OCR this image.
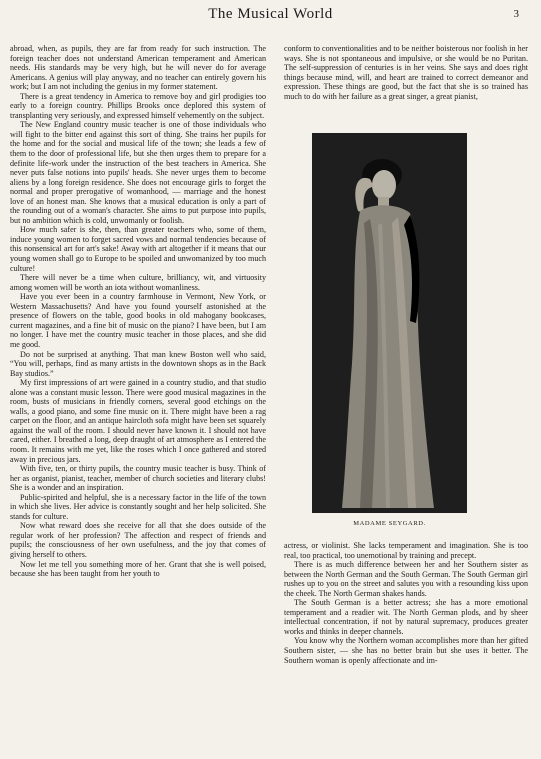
The Musical World	3

abroad, when, as pupils, they are far from ready for such instruction. The foreign teacher does not understand American temperament and American needs. His standards may be very high, but he will never do for average Americans. A genius will play anyway, and no teacher can entirely govern his work; but I am not including the genius in my former statement.

There is a great tendency in America to remove boy and girl prodigies too early to a foreign country. Phillips Brooks once deplored this system of transplanting very seriously, and expressed himself vehemently on the subject.

The New England country music teacher is one of those individuals who will fight to the bitter end against this sort of thing. She trains her pupils for the home and for the social and musical life of the town; she leads a few of them to the door of professional life, but she then urges them to prepare for a definite life-work under the instruction of the best teachers in America. She never puts false notions into pupils' heads. She never urges them to become aliens by a long foreign residence. She does not encourage girls to forget the normal and proper prerogative of womanhood, — marriage and the honest love of an honest man. She knows that a musical education is only a part of the rounding out of a woman's character. She aims to put purpose into pupils, but no ambition which is cold, unwomanly or foolish.

How much safer is she, then, than greater teachers who, some of them, induce young women to forget sacred vows and normal tendencies because of this nonsensical art for art's sake! Away with art altogether if it means that our young women shall go to Europe to be spoiled and unwomanized by too much culture!

There will never be a time when culture, brilliancy, wit, and virtuosity among women will be worth an iota without womanliness.

Have you ever been in a country farmhouse in Vermont, New York, or Western Massachusetts? And have you found yourself astonished at the presence of flowers on the table, good books in old mahogany bookcases, current magazines, and a fine bit of music on the piano? I have been, but I am no longer. I have met the country music teacher in those places, and she did me good.

Do not be surprised at anything. That man knew Boston well who said, “You will, perhaps, find as many artists in the downtown shops as in the Back Bay studios.”

My first impressions of art were gained in a country studio, and that studio alone was a constant music lesson. There were good musical magazines in the room, busts of musicians in friendly corners, several good etchings on the walls, a good piano, and some fine music on it. There might have been a rag carpet on the floor, and an antique haircloth sofa might have been set squarely against the wall of the room. I should never have known it. I should not have cared, either. I breathed a long, deep draught of art atmosphere as I entered the room. It remains with me yet, like the roses which I once gathered and stored away in precious jars.

With five, ten, or thirty pupils, the country music teacher is busy. Think of her as organist, pianist, teacher, member of church societies and literary clubs! She is a wonder and an inspiration.

Public-spirited and helpful, she is a necessary factor in the life of the town in which she lives. Her advice is constantly sought and her help solicited. She stands for culture.

Now what reward does she receive for all that she does outside of the regular work of her profession? The affection and respect of friends and pupils; the consciousness of her own usefulness, and the joy that comes of giving herself to others.

Now let me tell you something more of her. Grant that she is well poised, because she has been taught from her youth to

conform to conventionalities and to be neither boisterous nor foolish in her ways. She is not spontaneous and impulsive, or she would be no Puritan. The self-suppression of centuries is in her veins. She says and does right things because mind, will, and heart are trained to correct demeanor and expression. These things are good, but the fact that she is so trained has much to do with her failure as a great singer, a great pianist,

MADAME SEYGARD.

actress, or violinist. She lacks temperament and imagination. She is too real, too practical, too unemotional by training and precept.

There is as much difference between her and her Southern sister as between the North German and the South German. The South German girl rushes up to you on the street and salutes you with a resounding kiss upon the cheek. The North German shakes hands.

The South German is a better actress; she has a more emotional temperament and a readier wit. The North German plods, and by sheer intellectual concentration, if not by natural supremacy, produces greater works and thinks in deeper channels.

You know why the Northern woman accomplishes more than her gifted Southern sister, — she has no better brain but she uses it better. The Southern woman is openly affectionate and im-
